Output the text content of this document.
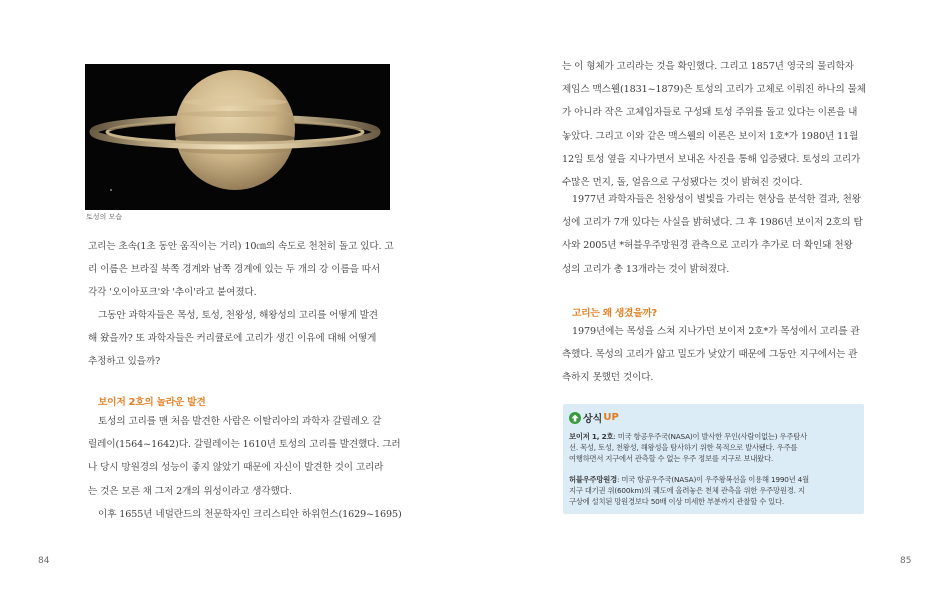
토성의 모습
고리는 초속(1초 동안 움직이는 거리) 10㎝의 속도로 천천히 돌고 있다. 고
리 이름은 브라질 북쪽 경계와 남쪽 경계에 있는 두 개의 강 이름을 따서
각각 '오이아포크'와 '추이'라고 붙여졌다.
그동안 과학자들은 목성, 토성, 천왕성, 해왕성의 고리를 어떻게 발견
해 왔을까? 또 과학자들은 커리큘로에 고리가 생긴 이유에 대해 어떻게
추정하고 있을까?
보이저 2호의 놀라운 발견
토성의 고리를 맨 처음 발견한 사람은 이탈리아의 과학자 갈릴레오 갈
릴레이(1564~1642)다. 갈릴레이는 1610년 토성의 고리를 발견했다. 그러
나 당시 망원경의 성능이 좋지 않았기 때문에 자신이 발견한 것이 고리라
는 것은 모른 채 그저 2개의 위성이라고 생각했다.
이후 1655년 네덜란드의 천문학자인 크리스티안 하위헌스(1629~1695)
84
는 이 형체가 고리라는 것을 확인했다. 그리고 1857년 영국의 물리학자
제임스 맥스웰(1831~1879)은 토성의 고리가 고체로 이뤄진 하나의 물체
가 아니라 작은 고체입자들로 구성돼 토성 주위를 돌고 있다는 이론을 내
놓았다. 그리고 이와 같은 맥스웰의 이론은 보이저 1호*가 1980년 11월
12일 토성 옆을 지나가면서 보내온 사진을 통해 입증됐다. 토성의 고리가
수많은 먼지, 돌, 얼음으로 구성됐다는 것이 밝혀진 것이다.
1977년 과학자들은 천왕성이 별빛을 가리는 현상을 분석한 결과, 천왕
성에 고리가 7개 있다는 사실을 밝혀냈다. 그 후 1986년 보이저 2호의 탐
사와 2005년 *허블우주망원경 관측으로 고리가 추가로 더 확인돼 천왕
성의 고리가 총 13개라는 것이 밝혀졌다.
고리는 왜 생겼을까?
1979년에는 목성을 스쳐 지나가던 보이저 2호*가 목성에서 고리를 관
측했다. 목성의 고리가 얇고 밀도가 낮았기 때문에 그동안 지구에서는 관
측하지 못했던 것이다.
85
상식 UP
보이저 1, 2호: 미국 항공우주국(NASA)이 발사한 무인(사람이없는) 우주탐사
선. 목성, 토성, 천왕성, 해왕성을 탐사하기 위한 목적으로 발사됐다. 우주를
여행하면서 지구에서 관측할 수 없는 우주 정보를 지구로 보내왔다.
허블우주망원경: 미국 항공우주국(NASA)이 우주왕복선을 이용해 1990년 4월
지구 대기권 위(600km)의 궤도에 올려놓은 천체 관측을 위한 우주망원경. 지
구상에 설치된 망원경보다 50배 이상 미세한 부분까지 관찰할 수 있다.
